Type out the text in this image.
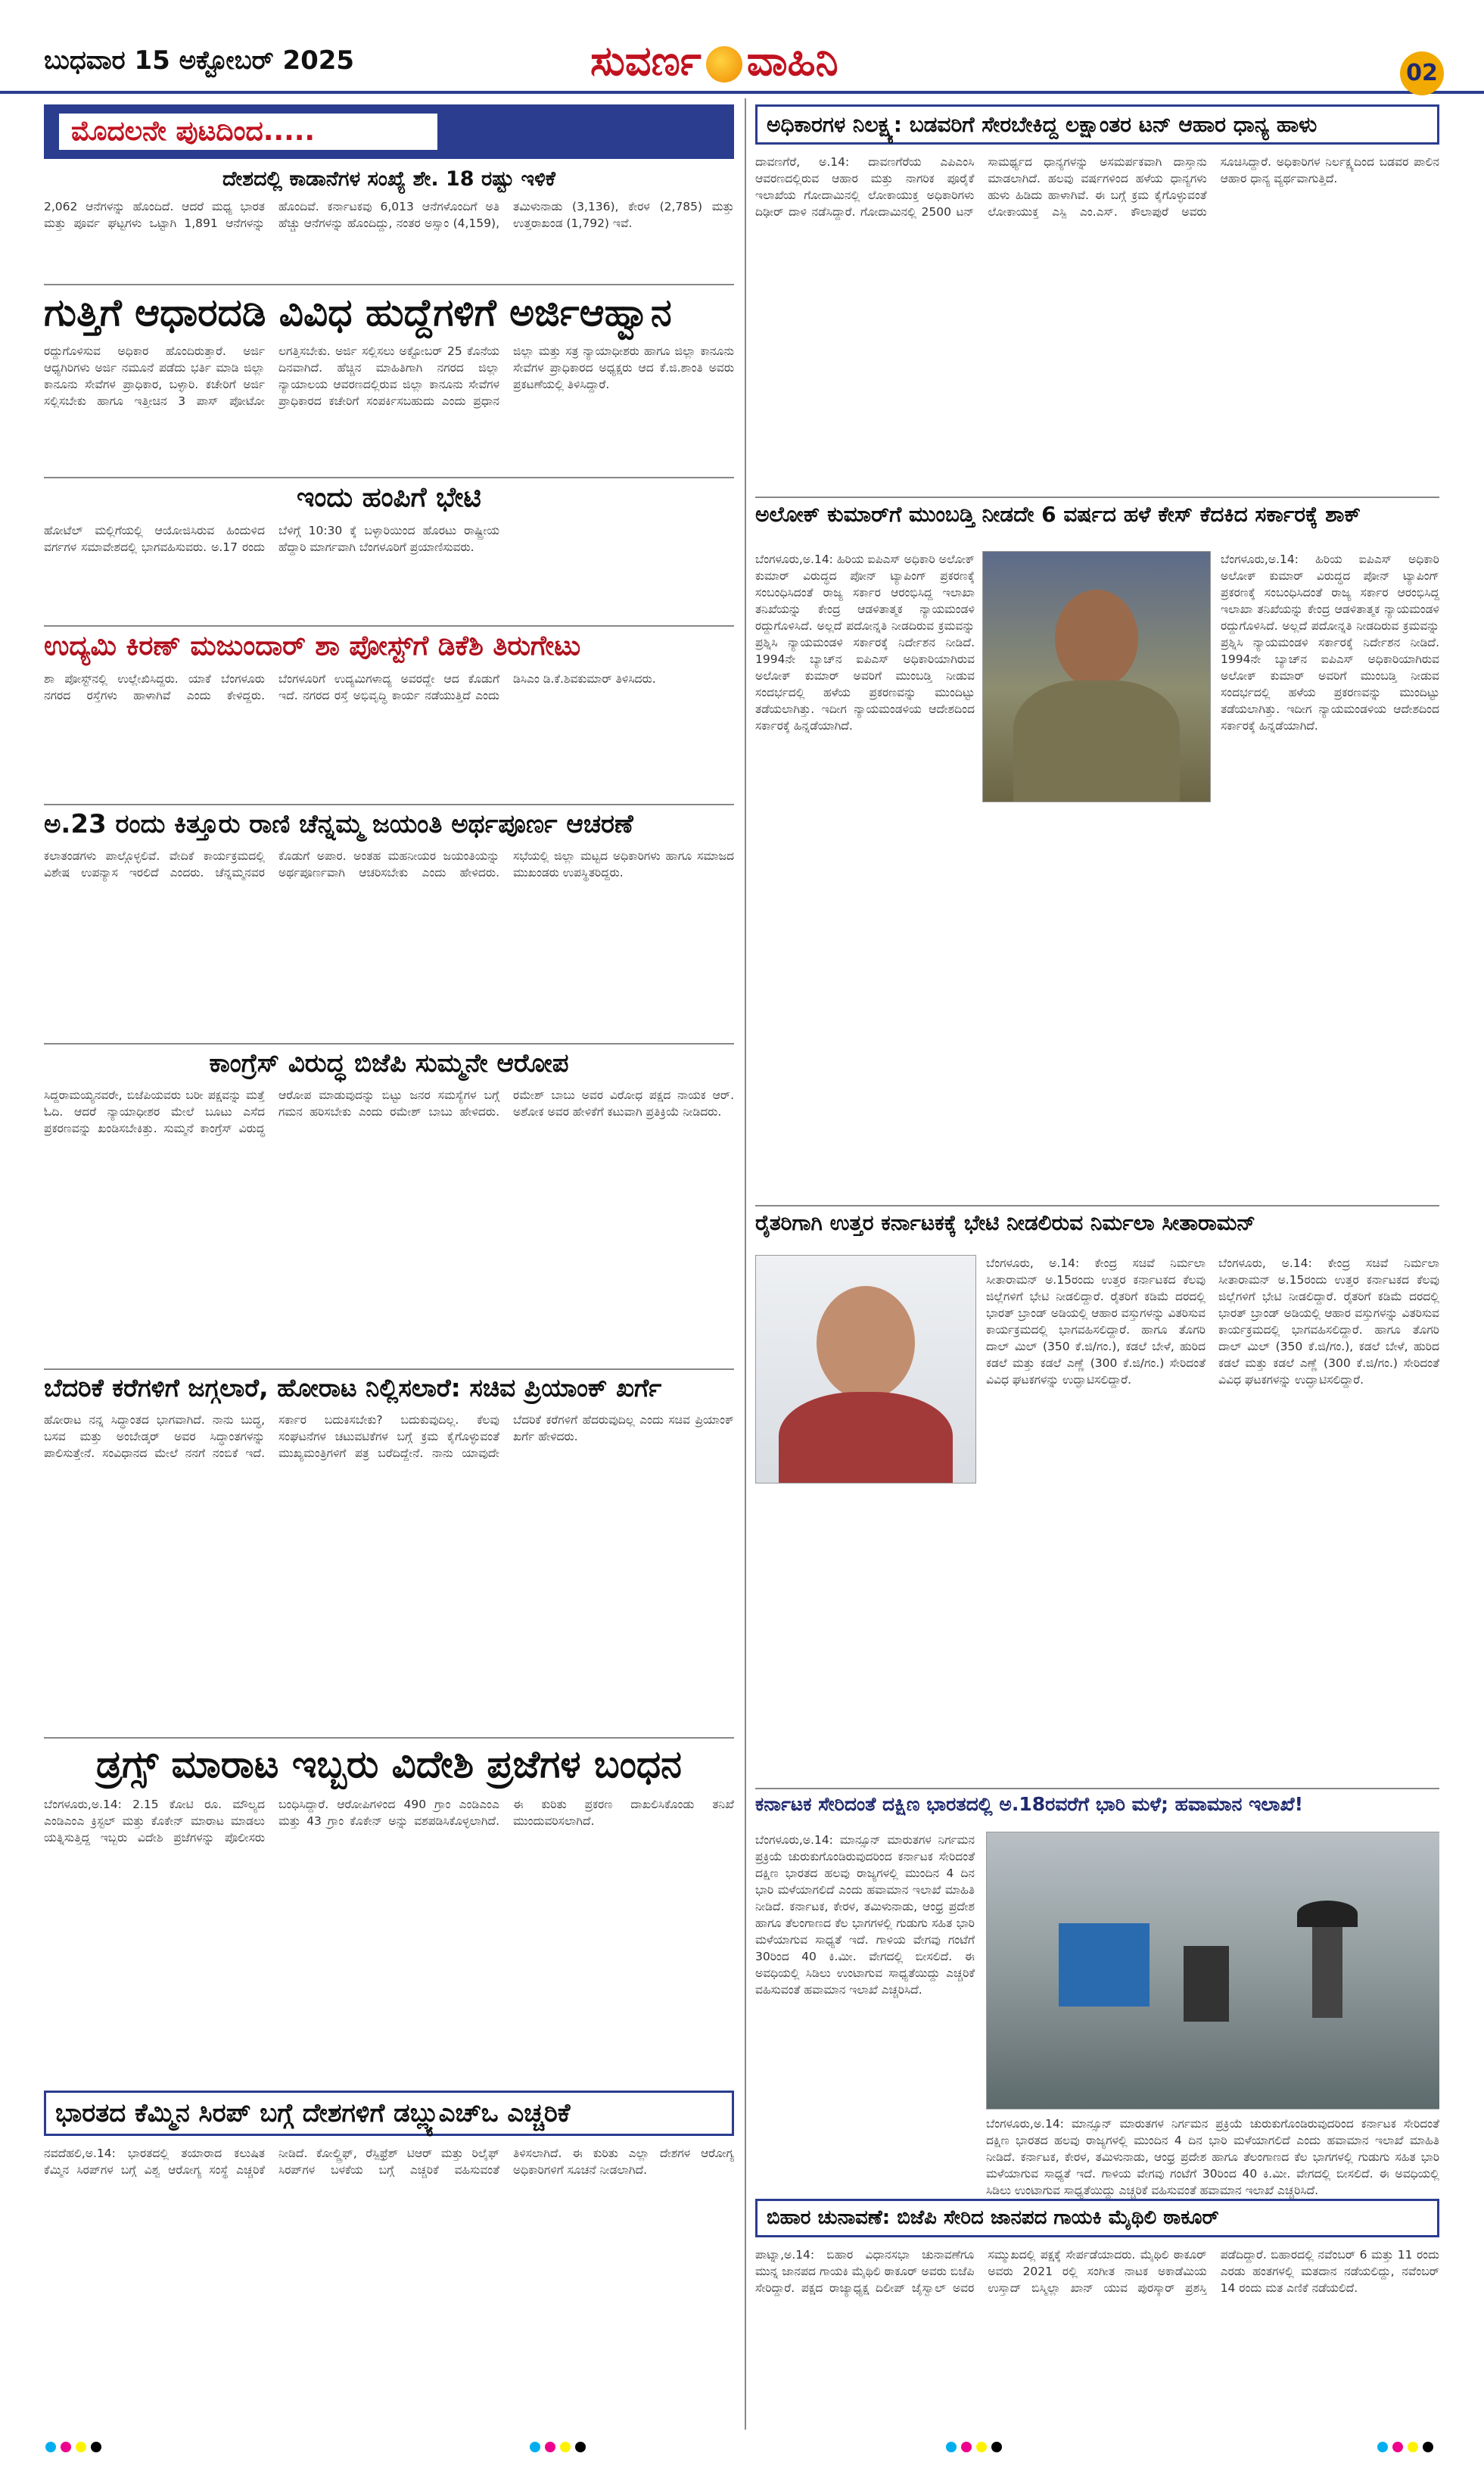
ಬುಧವಾರ 15 ಅಕ್ಟೋಬರ್ 2025	ಸುವರ್ಣ ವಾಹಿನಿ	02
ಮೊದಲನೇ ಪುಟದಿಂದ.....
ದೇಶದಲ್ಲಿ ಕಾಡಾನೆಗಳ ಸಂಖ್ಯೆ ಶೇ. 18 ರಷ್ಟು ಇಳಿಕೆ
2,062 ಆನೆಗಳನ್ನು ಹೊಂದಿದೆ. ಆದರೆ ಮಧ್ಯ ಭಾರತ ಮತ್ತು ಪೂರ್ವ ಘಟ್ಟಗಳು ಒಟ್ಟಾಗಿ 1,891 ಆನೆಗಳನ್ನು ಹೊಂದಿವೆ. ಕರ್ನಾಟಕವು 6,013 ಆನೆಗಳೊಂದಿಗೆ ಅತಿ ಹೆಚ್ಚು ಆನೆಗಳನ್ನು ಹೊಂದಿದ್ದು, ನಂತರ ಅಸ್ಸಾಂ (4,159), ತಮಿಳುನಾಡು (3,136), ಕೇರಳ (2,785) ಮತ್ತು ಉತ್ತರಾಖಂಡ (1,792) ಇವೆ.
ಗುತ್ತಿಗೆ ಆಧಾರದಡಿ ವಿವಿಧ ಹುದ್ದೆಗಳಿಗೆ ಅರ್ಜಿಆಹ್ವಾನ
ರದ್ದುಗೊಳಿಸುವ ಅಧಿಕಾರ ಹೊಂದಿರುತ್ತಾರೆ. ಅರ್ಜಿ ಆಧ್ಯಗಿರಿಗಳು ಅರ್ಜಿ ನಮೂನೆ ಪಡೆದು ಭರ್ತಿ ಮಾಡಿ ಜಿಲ್ಲಾ ಕಾನೂನು ಸೇವೆಗಳ ಪ್ರಾಧಿಕಾರ, ಬಳ್ಳಾರಿ. ಕಚೇರಿಗೆ ಅರ್ಜಿ ಸಲ್ಲಿಸಬೇಕು ಹಾಗೂ ಇತ್ತೀಚಿನ 3 ಪಾಸ್ ಪೋಟೋ ಲಗತ್ತಿಸಬೇಕು. ಅರ್ಜಿ ಸಲ್ಲಿಸಲು ಅಕ್ಟೋಬರ್ 25 ಕೊನೆಯ ದಿನವಾಗಿದೆ. ಹೆಚ್ಚಿನ ಮಾಹಿತಿಗಾಗಿ ನಗರದ ಜಿಲ್ಲಾ ನ್ಯಾಯಾಲಯ ಆವರಣದಲ್ಲಿರುವ ಜಿಲ್ಲಾ ಕಾನೂನು ಸೇವೆಗಳ ಪ್ರಾಧಿಕಾರದ ಕಚೇರಿಗೆ ಸಂಪರ್ಕಿಸಬಹುದು ಎಂದು ಪ್ರಧಾನ ಜಿಲ್ಲಾ ಮತ್ತು ಸತ್ರ ನ್ಯಾಯಾಧೀಶರು ಹಾಗೂ ಜಿಲ್ಲಾ ಕಾನೂನು ಸೇವೆಗಳ ಪ್ರಾಧಿಕಾರದ ಅಧ್ಯಕ್ಷರು ಆದ ಕೆ.ಜಿ.ಶಾಂತಿ ಅವರು ಪ್ರಕಟಣೆಯಲ್ಲಿ ತಿಳಿಸಿದ್ದಾರೆ.
ಇಂದು ಹಂಪಿಗೆ ಭೇಟಿ
ಹೋಟೆಲ್ ಮಲ್ಲಿಗೆಯಲ್ಲಿ ಆಯೋಜಿಸಿರುವ ಹಿಂದುಳಿದ ವರ್ಗಗಳ ಸಮಾವೇಶದಲ್ಲಿ ಭಾಗವಹಿಸುವರು. ಅ.17 ರಂದು ಬೆಳಿಗ್ಗೆ 10:30 ಕ್ಕೆ ಬಳ್ಳಾರಿಯಿಂದ ಹೊರಟು ರಾಷ್ಟ್ರೀಯ ಹೆದ್ದಾರಿ ಮಾರ್ಗವಾಗಿ ಬೆಂಗಳೂರಿಗೆ ಪ್ರಯಾಣಿಸುವರು.
ಉದ್ಯಮಿ ಕಿರಣ್ ಮಜುಂದಾರ್ ಶಾ ಪೋಸ್ಟ್‌ಗೆ ಡಿಕೆಶಿ ತಿರುಗೇಟು
ಶಾ ಪೋಸ್ಟ್‌ನಲ್ಲಿ ಉಲ್ಲೇಖಿಸಿದ್ದರು. ಯಾಕೆ ಬೆಂಗಳೂರು ನಗರದ ರಸ್ತೆಗಳು ಹಾಳಾಗಿವೆ ಎಂದು ಕೇಳಿದ್ದರು. ಬೆಂಗಳೂರಿಗೆ ಉದ್ಯಮಿಗಳಾದ್ಯ ಅವರದ್ದೇ ಆದ ಕೊಡುಗೆ ಇದೆ. ನಗರದ ರಸ್ತೆ ಅಭಿವೃದ್ಧಿ ಕಾರ್ಯ ನಡೆಯುತ್ತಿದೆ ಎಂದು ಡಿಸಿಎಂ ಡಿ.ಕೆ.ಶಿವಕುಮಾರ್ ತಿಳಿಸಿದರು.
ಅ.23 ರಂದು ಕಿತ್ತೂರು ರಾಣಿ ಚೆನ್ನಮ್ಮ ಜಯಂತಿ ಅರ್ಥಪೂರ್ಣ ಆಚರಣೆ
ಕಲಾತಂಡಗಳು ಪಾಲ್ಗೊಳ್ಳಲಿವೆ. ವೇದಿಕೆ ಕಾರ್ಯಕ್ರಮದಲ್ಲಿ ವಿಶೇಷ ಉಪನ್ಯಾಸ ಇರಲಿದೆ ಎಂದರು. ಚೆನ್ನಮ್ಮನವರ ಕೊಡುಗೆ ಅಪಾರ. ಅಂತಹ ಮಹನೀಯರ ಜಯಂತಿಯನ್ನು ಅರ್ಥಪೂರ್ಣವಾಗಿ ಆಚರಿಸಬೇಕು ಎಂದು ಹೇಳಿದರು. ಸಭೆಯಲ್ಲಿ ಜಿಲ್ಲಾ ಮಟ್ಟದ ಅಧಿಕಾರಿಗಳು ಹಾಗೂ ಸಮಾಜದ ಮುಖಂಡರು ಉಪಸ್ಥಿತರಿದ್ದರು.
ಕಾಂಗ್ರೆಸ್ ವಿರುದ್ಧ ಬಿಜೆಪಿ ಸುಮ್ಮನೇ ಆರೋಪ
ಸಿದ್ದರಾಮಯ್ಯನವರೇ, ಬಿಜೆಪಿಯವರು ಬರೀ ಪಕ್ಷವನ್ನು ಮತ್ತೆ ಓದಿ. ಆದರೆ ನ್ಯಾಯಾಧೀಶರ ಮೇಲೆ ಬೂಟು ಎಸೆದ ಪ್ರಕರಣವನ್ನು ಖಂಡಿಸಬೇಕಿತ್ತು. ಸುಮ್ಮನೆ ಕಾಂಗ್ರೆಸ್ ವಿರುದ್ಧ ಆರೋಪ ಮಾಡುವುದನ್ನು ಬಿಟ್ಟು ಜನರ ಸಮಸ್ಯೆಗಳ ಬಗ್ಗೆ ಗಮನ ಹರಿಸಬೇಕು ಎಂದು ರಮೇಶ್ ಬಾಬು ಹೇಳಿದರು. ರಮೇಶ್ ಬಾಬು ಅವರ ವಿರೋಧ ಪಕ್ಷದ ನಾಯಕ ಆರ್. ಅಶೋಕ ಅವರ ಹೇಳಿಕೆಗೆ ಕಟುವಾಗಿ ಪ್ರತಿಕ್ರಿಯೆ ನೀಡಿದರು.
ಬೆದರಿಕೆ ಕರೆಗಳಿಗೆ ಜಗ್ಗಲಾರೆ, ಹೋರಾಟ ನಿಲ್ಲಿಸಲಾರೆ: ಸಚಿವ ಪ್ರಿಯಾಂಕ್ ಖರ್ಗೆ
ಹೋರಾಟ ನನ್ನ ಸಿದ್ಧಾಂತದ ಭಾಗವಾಗಿದೆ. ನಾನು ಬುದ್ಧ, ಬಸವ ಮತ್ತು ಅಂಬೇಡ್ಕರ್ ಅವರ ಸಿದ್ಧಾಂತಗಳನ್ನು ಪಾಲಿಸುತ್ತೇನೆ. ಸಂವಿಧಾನದ ಮೇಲೆ ನನಗೆ ನಂಬಿಕೆ ಇದೆ. ಸರ್ಕಾರ ಬದುಕಿಸಬೇಕು? ಬದುಕುವುದಿಲ್ಲ. ಕೆಲವು ಸಂಘಟನೆಗಳ ಚಟುವಟಿಕೆಗಳ ಬಗ್ಗೆ ಕ್ರಮ ಕೈಗೊಳ್ಳುವಂತೆ ಮುಖ್ಯಮಂತ್ರಿಗಳಿಗೆ ಪತ್ರ ಬರೆದಿದ್ದೇನೆ. ನಾನು ಯಾವುದೇ ಬೆದರಿಕೆ ಕರೆಗಳಿಗೆ ಹೆದರುವುದಿಲ್ಲ ಎಂದು ಸಚಿವ ಪ್ರಿಯಾಂಕ್ ಖರ್ಗೆ ಹೇಳಿದರು.
ಡ್ರಗ್ಸ್ ಮಾರಾಟ ಇಬ್ಬರು ವಿದೇಶಿ ಪ್ರಜೆಗಳ ಬಂಧನ
ಬೆಂಗಳೂರು,ಅ.14: 2.15 ಕೋಟಿ ರೂ. ಮೌಲ್ಯದ ಎಂಡಿಎಂಎ ಕ್ರಿಸ್ಟಲ್ ಮತ್ತು ಕೊಕೇನ್ ಮಾರಾಟ ಮಾಡಲು ಯತ್ನಿಸುತ್ತಿದ್ದ ಇಬ್ಬರು ವಿದೇಶಿ ಪ್ರಜೆಗಳನ್ನು ಪೊಲೀಸರು ಬಂಧಿಸಿದ್ದಾರೆ. ಆರೋಪಿಗಳಿಂದ 490 ಗ್ರಾಂ ಎಂಡಿಎಂಎ ಮತ್ತು 43 ಗ್ರಾಂ ಕೊಕೇನ್ ಅನ್ನು ವಶಪಡಿಸಿಕೊಳ್ಳಲಾಗಿದೆ. ಈ ಕುರಿತು ಪ್ರಕರಣ ದಾಖಲಿಸಿಕೊಂಡು ತನಿಖೆ ಮುಂದುವರಿಸಲಾಗಿದೆ.
ಭಾರತದ ಕೆಮ್ಮಿನ ಸಿರಪ್ ಬಗ್ಗೆ ದೇಶಗಳಿಗೆ ಡಬ್ಲ್ಯುಎಚ್‌ಒ ಎಚ್ಚರಿಕೆ
ನವದೆಹಲಿ,ಅ.14: ಭಾರತದಲ್ಲಿ ತಯಾರಾದ ಕಲುಷಿತ ಕೆಮ್ಮಿನ ಸಿರಪ್‌ಗಳ ಬಗ್ಗೆ ವಿಶ್ವ ಆರೋಗ್ಯ ಸಂಸ್ಥೆ ಎಚ್ಚರಿಕೆ ನೀಡಿದೆ. ಕೋಲ್ಡ್ರಿಫ್, ರೆಸ್ಪಿಫ್ರೆಶ್ ಟಿಆರ್ ಮತ್ತು ರಿಲೈಫ್ ಸಿರಪ್‌ಗಳ ಬಳಕೆಯ ಬಗ್ಗೆ ಎಚ್ಚರಿಕೆ ವಹಿಸುವಂತೆ ತಿಳಿಸಲಾಗಿದೆ. ಈ ಕುರಿತು ಎಲ್ಲಾ ದೇಶಗಳ ಆರೋಗ್ಯ ಅಧಿಕಾರಿಗಳಿಗೆ ಸೂಚನೆ ನೀಡಲಾಗಿದೆ.
ಅಧಿಕಾರಗಳ ನಿಲಕ್ಷ್ಯ: ಬಡವರಿಗೆ ಸೇರಬೇಕಿದ್ದ ಲಕ್ಷಾಂತರ ಟನ್ ಆಹಾರ ಧಾನ್ಯ ಹಾಳು
ದಾವಣಗೆರೆ, ಅ.14: ದಾವಣಗೆರೆಯ ಎಪಿಎಂಸಿ ಆವರಣದಲ್ಲಿರುವ ಆಹಾರ ಮತ್ತು ನಾಗರಿಕ ಪೂರೈಕೆ ಇಲಾಖೆಯ ಗೋದಾಮಿನಲ್ಲಿ ಲೋಕಾಯುಕ್ತ ಅಧಿಕಾರಿಗಳು ದಿಢೀರ್ ದಾಳಿ ನಡೆಸಿದ್ದಾರೆ. ಗೋದಾಮಿನಲ್ಲಿ 2500 ಟನ್ ಸಾಮರ್ಥ್ಯದ ಧಾನ್ಯಗಳನ್ನು ಅಸಮರ್ಪಕವಾಗಿ ದಾಸ್ತಾನು ಮಾಡಲಾಗಿದೆ. ಹಲವು ವರ್ಷಗಳಿಂದ ಹಳೆಯ ಧಾನ್ಯಗಳು ಹುಳು ಹಿಡಿದು ಹಾಳಾಗಿವೆ. ಈ ಬಗ್ಗೆ ಕ್ರಮ ಕೈಗೊಳ್ಳುವಂತೆ ಲೋಕಾಯುಕ್ತ ಎಸ್ಪಿ ಎಂ.ಎಸ್. ಕೌಲಾಪುರೆ ಅವರು ಸೂಚಿಸಿದ್ದಾರೆ. ಅಧಿಕಾರಿಗಳ ನಿರ್ಲಕ್ಷ್ಯದಿಂದ ಬಡವರ ಪಾಲಿನ ಆಹಾರ ಧಾನ್ಯ ವ್ಯರ್ಥವಾಗುತ್ತಿದೆ.
ಅಲೋಕ್ ಕುಮಾರ್‌ಗೆ ಮುಂಬಡ್ತಿ ನೀಡದೇ 6 ವರ್ಷದ ಹಳೆ ಕೇಸ್ ಕೆದಕಿದ ಸರ್ಕಾರಕ್ಕೆ ಶಾಕ್
ಬೆಂಗಳೂರು,ಅ.14: ಹಿರಿಯ ಐಪಿಎಸ್ ಅಧಿಕಾರಿ ಅಲೋಕ್ ಕುಮಾರ್ ವಿರುದ್ಧದ ಪೋನ್ ಟ್ಯಾಪಿಂಗ್ ಪ್ರಕರಣಕ್ಕೆ ಸಂಬಂಧಿಸಿದಂತೆ ರಾಜ್ಯ ಸರ್ಕಾರ ಆರಂಭಿಸಿದ್ದ ಇಲಾಖಾ ತನಿಖೆಯನ್ನು ಕೇಂದ್ರ ಆಡಳಿತಾತ್ಮಕ ನ್ಯಾಯಮಂಡಳಿ ರದ್ದುಗೊಳಿಸಿದೆ. ಅಲ್ಲದೆ ಪದೋನ್ನತಿ ನೀಡದಿರುವ ಕ್ರಮವನ್ನು ಪ್ರಶ್ನಿಸಿ ನ್ಯಾಯಮಂಡಳಿ ಸರ್ಕಾರಕ್ಕೆ ನಿರ್ದೇಶನ ನೀಡಿದೆ. 1994ನೇ ಬ್ಯಾಚ್‌ನ ಐಪಿಎಸ್ ಅಧಿಕಾರಿಯಾಗಿರುವ ಅಲೋಕ್ ಕುಮಾರ್ ಅವರಿಗೆ ಮುಂಬಡ್ತಿ ನೀಡುವ ಸಂದರ್ಭದಲ್ಲಿ ಹಳೆಯ ಪ್ರಕರಣವನ್ನು ಮುಂದಿಟ್ಟು ತಡೆಯಲಾಗಿತ್ತು. ಇದೀಗ ನ್ಯಾಯಮಂಡಳಿಯ ಆದೇಶದಿಂದ ಸರ್ಕಾರಕ್ಕೆ ಹಿನ್ನಡೆಯಾಗಿದೆ.
ಬೆಂಗಳೂರು,ಅ.14: ಹಿರಿಯ ಐಪಿಎಸ್ ಅಧಿಕಾರಿ ಅಲೋಕ್ ಕುಮಾರ್ ವಿರುದ್ಧದ ಪೋನ್ ಟ್ಯಾಪಿಂಗ್ ಪ್ರಕರಣಕ್ಕೆ ಸಂಬಂಧಿಸಿದಂತೆ ರಾಜ್ಯ ಸರ್ಕಾರ ಆರಂಭಿಸಿದ್ದ ಇಲಾಖಾ ತನಿಖೆಯನ್ನು ಕೇಂದ್ರ ಆಡಳಿತಾತ್ಮಕ ನ್ಯಾಯಮಂಡಳಿ ರದ್ದುಗೊಳಿಸಿದೆ. ಅಲ್ಲದೆ ಪದೋನ್ನತಿ ನೀಡದಿರುವ ಕ್ರಮವನ್ನು ಪ್ರಶ್ನಿಸಿ ನ್ಯಾಯಮಂಡಳಿ ಸರ್ಕಾರಕ್ಕೆ ನಿರ್ದೇಶನ ನೀಡಿದೆ. 1994ನೇ ಬ್ಯಾಚ್‌ನ ಐಪಿಎಸ್ ಅಧಿಕಾರಿಯಾಗಿರುವ ಅಲೋಕ್ ಕುಮಾರ್ ಅವರಿಗೆ ಮುಂಬಡ್ತಿ ನೀಡುವ ಸಂದರ್ಭದಲ್ಲಿ ಹಳೆಯ ಪ್ರಕರಣವನ್ನು ಮುಂದಿಟ್ಟು ತಡೆಯಲಾಗಿತ್ತು. ಇದೀಗ ನ್ಯಾಯಮಂಡಳಿಯ ಆದೇಶದಿಂದ ಸರ್ಕಾರಕ್ಕೆ ಹಿನ್ನಡೆಯಾಗಿದೆ.
ರೈತರಿಗಾಗಿ ಉತ್ತರ ಕರ್ನಾಟಕಕ್ಕೆ ಭೇಟಿ ನೀಡಲಿರುವ ನಿರ್ಮಲಾ ಸೀತಾರಾಮನ್
ಬೆಂಗಳೂರು, ಅ.14: ಕೇಂದ್ರ ಸಚಿವೆ ನಿರ್ಮಲಾ ಸೀತಾರಾಮನ್ ಅ.15ರಂದು ಉತ್ತರ ಕರ್ನಾಟಕದ ಕೆಲವು ಜಿಲ್ಲೆಗಳಿಗೆ ಭೇಟಿ ನೀಡಲಿದ್ದಾರೆ. ರೈತರಿಗೆ ಕಡಿಮೆ ದರದಲ್ಲಿ ಭಾರತ್ ಬ್ರಾಂಡ್ ಅಡಿಯಲ್ಲಿ ಆಹಾರ ವಸ್ತುಗಳನ್ನು ವಿತರಿಸುವ ಕಾರ್ಯಕ್ರಮದಲ್ಲಿ ಭಾಗವಹಿಸಲಿದ್ದಾರೆ. ಹಾಗೂ ತೊಗರಿ ದಾಲ್ ಮಿಲ್ (350 ಕೆ.ಜಿ/ಗಂ.), ಕಡಲೆ ಬೇಳೆ, ಹುರಿದ ಕಡಲೆ ಮತ್ತು ಕಡಲೆ ಎಣ್ಣೆ (300 ಕೆ.ಜಿ/ಗಂ.) ಸೇರಿದಂತೆ ವಿವಿಧ ಘಟಕಗಳನ್ನು ಉದ್ಘಾಟಿಸಲಿದ್ದಾರೆ.
ಬೆಂಗಳೂರು, ಅ.14: ಕೇಂದ್ರ ಸಚಿವೆ ನಿರ್ಮಲಾ ಸೀತಾರಾಮನ್ ಅ.15ರಂದು ಉತ್ತರ ಕರ್ನಾಟಕದ ಕೆಲವು ಜಿಲ್ಲೆಗಳಿಗೆ ಭೇಟಿ ನೀಡಲಿದ್ದಾರೆ. ರೈತರಿಗೆ ಕಡಿಮೆ ದರದಲ್ಲಿ ಭಾರತ್ ಬ್ರಾಂಡ್ ಅಡಿಯಲ್ಲಿ ಆಹಾರ ವಸ್ತುಗಳನ್ನು ವಿತರಿಸುವ ಕಾರ್ಯಕ್ರಮದಲ್ಲಿ ಭಾಗವಹಿಸಲಿದ್ದಾರೆ. ಹಾಗೂ ತೊಗರಿ ದಾಲ್ ಮಿಲ್ (350 ಕೆ.ಜಿ/ಗಂ.), ಕಡಲೆ ಬೇಳೆ, ಹುರಿದ ಕಡಲೆ ಮತ್ತು ಕಡಲೆ ಎಣ್ಣೆ (300 ಕೆ.ಜಿ/ಗಂ.) ಸೇರಿದಂತೆ ವಿವಿಧ ಘಟಕಗಳನ್ನು ಉದ್ಘಾಟಿಸಲಿದ್ದಾರೆ.
ಕರ್ನಾಟಕ ಸೇರಿದಂತೆ ದಕ್ಷಿಣ ಭಾರತದಲ್ಲಿ ಅ.18ರವರೆಗೆ ಭಾರಿ ಮಳೆ; ಹವಾಮಾನ ಇಲಾಖೆ!
ಬೆಂಗಳೂರು,ಅ.14: ಮಾನ್ಸೂನ್ ಮಾರುತಗಳ ನಿರ್ಗಮನ ಪ್ರಕ್ರಿಯೆ ಚುರುಕುಗೊಂಡಿರುವುದರಿಂದ ಕರ್ನಾಟಕ ಸೇರಿದಂತೆ ದಕ್ಷಿಣ ಭಾರತದ ಹಲವು ರಾಜ್ಯಗಳಲ್ಲಿ ಮುಂದಿನ 4 ದಿನ ಭಾರಿ ಮಳೆಯಾಗಲಿದೆ ಎಂದು ಹವಾಮಾನ ಇಲಾಖೆ ಮಾಹಿತಿ ನೀಡಿದೆ. ಕರ್ನಾಟಕ, ಕೇರಳ, ತಮಿಳುನಾಡು, ಆಂಧ್ರ ಪ್ರದೇಶ ಹಾಗೂ ತೆಲಂಗಾಣದ ಕೆಲ ಭಾಗಗಳಲ್ಲಿ ಗುಡುಗು ಸಹಿತ ಭಾರಿ ಮಳೆಯಾಗುವ ಸಾಧ್ಯತೆ ಇದೆ. ಗಾಳಿಯ ವೇಗವು ಗಂಟೆಗೆ 30ರಿಂದ 40 ಕಿ.ಮೀ. ವೇಗದಲ್ಲಿ ಬೀಸಲಿದೆ. ಈ ಅವಧಿಯಲ್ಲಿ ಸಿಡಿಲು ಉಂಟಾಗುವ ಸಾಧ್ಯತೆಯಿದ್ದು ಎಚ್ಚರಿಕೆ ವಹಿಸುವಂತೆ ಹವಾಮಾನ ಇಲಾಖೆ ಎಚ್ಚರಿಸಿದೆ.
ಬೆಂಗಳೂರು,ಅ.14: ಮಾನ್ಸೂನ್ ಮಾರುತಗಳ ನಿರ್ಗಮನ ಪ್ರಕ್ರಿಯೆ ಚುರುಕುಗೊಂಡಿರುವುದರಿಂದ ಕರ್ನಾಟಕ ಸೇರಿದಂತೆ ದಕ್ಷಿಣ ಭಾರತದ ಹಲವು ರಾಜ್ಯಗಳಲ್ಲಿ ಮುಂದಿನ 4 ದಿನ ಭಾರಿ ಮಳೆಯಾಗಲಿದೆ ಎಂದು ಹವಾಮಾನ ಇಲಾಖೆ ಮಾಹಿತಿ ನೀಡಿದೆ. ಕರ್ನಾಟಕ, ಕೇರಳ, ತಮಿಳುನಾಡು, ಆಂಧ್ರ ಪ್ರದೇಶ ಹಾಗೂ ತೆಲಂಗಾಣದ ಕೆಲ ಭಾಗಗಳಲ್ಲಿ ಗುಡುಗು ಸಹಿತ ಭಾರಿ ಮಳೆಯಾಗುವ ಸಾಧ್ಯತೆ ಇದೆ. ಗಾಳಿಯ ವೇಗವು ಗಂಟೆಗೆ 30ರಿಂದ 40 ಕಿ.ಮೀ. ವೇಗದಲ್ಲಿ ಬೀಸಲಿದೆ. ಈ ಅವಧಿಯಲ್ಲಿ ಸಿಡಿಲು ಉಂಟಾಗುವ ಸಾಧ್ಯತೆಯಿದ್ದು ಎಚ್ಚರಿಕೆ ವಹಿಸುವಂತೆ ಹವಾಮಾನ ಇಲಾಖೆ ಎಚ್ಚರಿಸಿದೆ.
ಬಿಹಾರ ಚುನಾವಣೆ: ಬಿಜೆಪಿ ಸೇರಿದ ಜಾನಪದ ಗಾಯಕಿ ಮೈಥಿಲಿ ಠಾಕೂರ್
ಪಾಟ್ನಾ,ಅ.14: ಬಿಹಾರ ವಿಧಾನಸಭಾ ಚುನಾವಣೆಗೂ ಮುನ್ನ ಜಾನಪದ ಗಾಯಕಿ ಮೈಥಿಲಿ ಠಾಕೂರ್ ಅವರು ಬಿಜೆಪಿ ಸೇರಿದ್ದಾರೆ. ಪಕ್ಷದ ರಾಜ್ಯಾಧ್ಯಕ್ಷ ದಿಲೀಪ್ ಜೈಸ್ವಾಲ್ ಅವರ ಸಮ್ಮುಖದಲ್ಲಿ ಪಕ್ಷಕ್ಕೆ ಸೇರ್ಪಡೆಯಾದರು. ಮೈಥಿಲಿ ಠಾಕೂರ್ ಅವರು 2021 ರಲ್ಲಿ ಸಂಗೀತ ನಾಟಕ ಅಕಾಡೆಮಿಯ ಉಸ್ತಾದ್ ಬಿಸ್ಮಿಲ್ಲಾ ಖಾನ್ ಯುವ ಪುರಸ್ಕಾರ್ ಪ್ರಶಸ್ತಿ ಪಡೆದಿದ್ದಾರೆ. ಬಿಹಾರದಲ್ಲಿ ನವೆಂಬರ್ 6 ಮತ್ತು 11 ರಂದು ಎರಡು ಹಂತಗಳಲ್ಲಿ ಮತದಾನ ನಡೆಯಲಿದ್ದು, ನವೆಂಬರ್ 14 ರಂದು ಮತ ಎಣಿಕೆ ನಡೆಯಲಿದೆ.
